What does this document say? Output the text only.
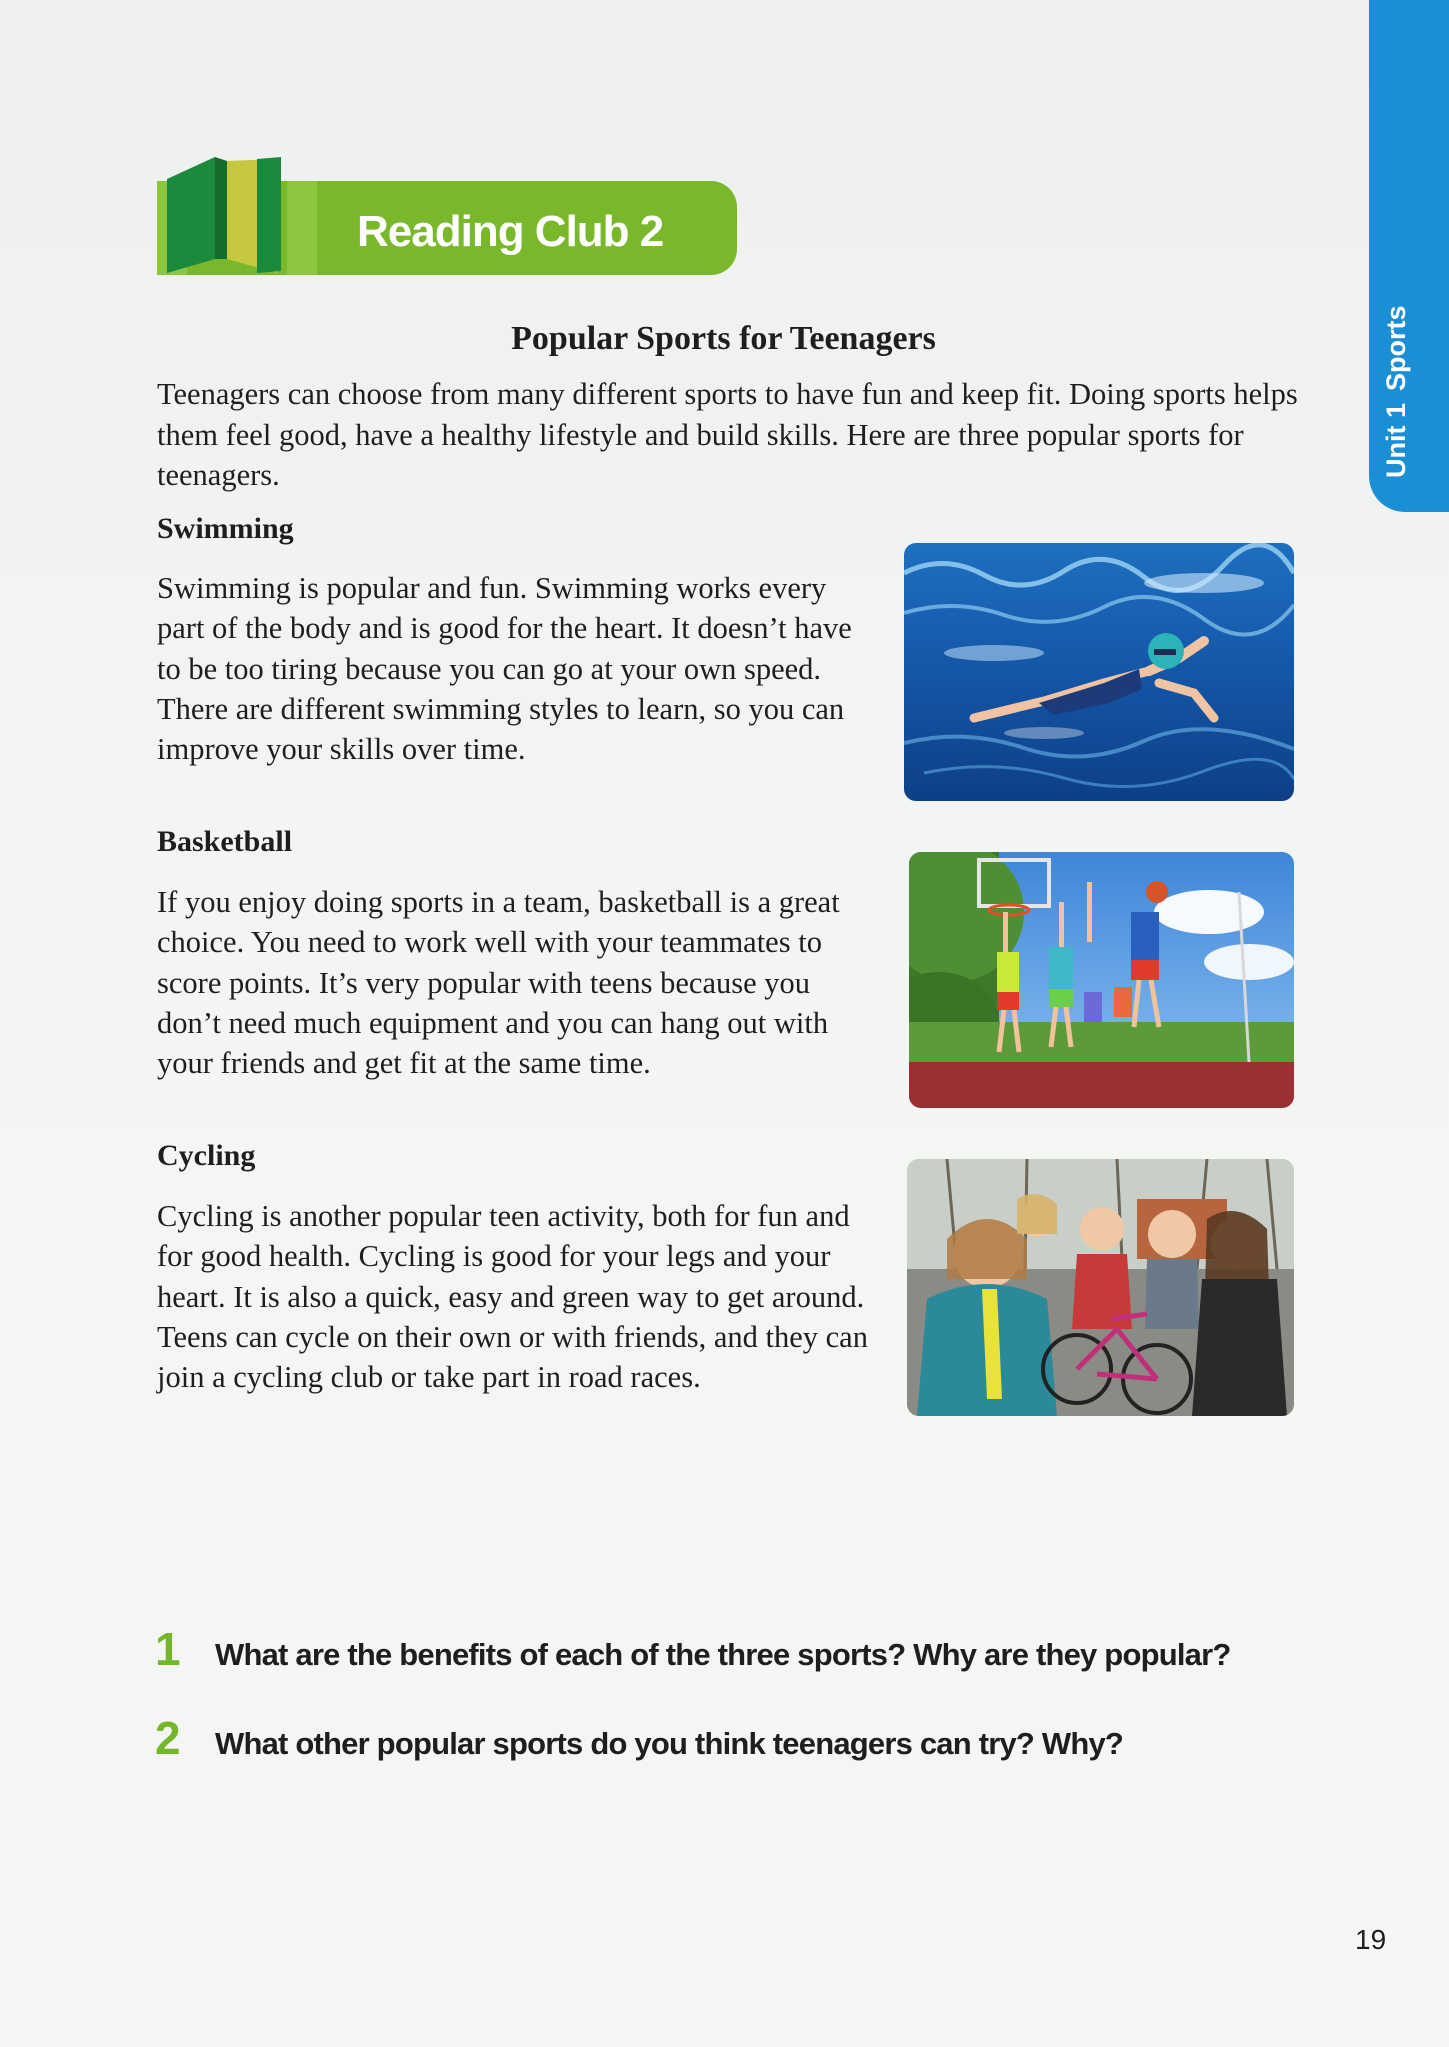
Unit 1
Sports
Reading Club 2
Popular Sports for Teenagers

Teenagers can choose from many different sports to have fun and keep fit. Doing sports helps them feel good, have a healthy lifestyle and build skills. Here are three popular sports for teenagers.

Swimming

Swimming is popular and fun. Swimming works every part of the body and is good for the heart. It doesn’t have to be too tiring because you can go at your own speed. There are different swimming styles to learn, so you can improve your skills over time.

Basketball

If you enjoy doing sports in a team, basketball is a great choice. You need to work well with your teammates to score points. It’s very popular with teens because you don’t need much equipment and you can hang out with your friends and get fit at the same time.

Cycling

Cycling is another popular teen activity, both for fun and for good health. Cycling is good for your legs and your heart. It is also a quick, easy and green way to get around. Teens can cycle on their own or with friends, and they can join a cycling club or take part in road races.

1	What are the benefits of each of the three sports? Why are they popular?
2	What other popular sports do you think teenagers can try? Why?
19
